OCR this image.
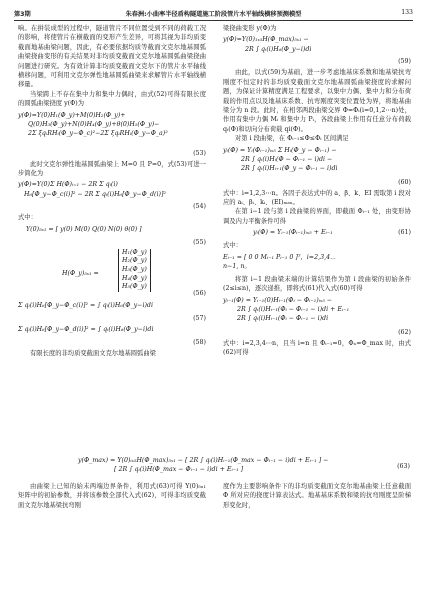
第3期	朱春洲:小曲率半径盾构隧道施工阶段管片水平轴线横移预测模型	133

响。在拼装成型的过程中，隧道管片不同位置受到不同的荷载工况的影响，将使管片在横截面的变形产生差异，可将其视为非均质变截面地基曲梁问题，因此，有必要依据均质等截面文克尔地基圆弧曲梁挠曲变形的有关结果对非均质变截面文克尔地基圆弧曲梁挠曲问题进行研究。为有效计算非均质变截面文克尔下的管片水平轴线横移问题，可利用文克尔弹性地基圆弧曲梁来求解管片水平轴线横移量。

当梁跨上不存在集中力和集中力偶时，由式(52)可得有限长度的圆弧曲梁挠度 y(Φ)为

y(Φ)=Y(0)H₁(Φ_y)+M(0)H₂(Φ_y)+
Q(0)H₃(Φ_y)+N(0)H₄(Φ_y)+θ(0)H₅(Φ_y)−
2Σ ξqᵢRHᵢ(Φ_y−Φ_c)²−2Σ ξqᵢRHᵢ(Φ_y−Φ_a)²
(53)

此时文克尔弹性地基圆弧曲梁上 M=0 且 P=0，式(53)可进一步简化为

y(Φ)=Y(0)Σ H(Φ)ᵢ₌₁ − 2R Σ qᵢ(i)
H₆[Φ_y−Φ_c(i)]² − 2R Σ qᵢ(i)H₆[Φ_y−Φ_d(i)]²
(54)

式中：

Y(0)₅ₓ₁ = [ y(0) M(0) Q(0) N(0) θ(0) ]
(55)
H(Φ_y)₅ₓ₁ =
H₁(Φ_y)
H₂(Φ_y)
H₃(Φ_y)
H₄(Φ_y)
H₅(Φ_y)
(56)
Σ qᵢ(i)H₆[Φ_y−Φ_c(i)]² = ∫ qᵢ(i)H₆(Φ_y−i)di
(57)
Σ qᵢ(i)H₆[Φ_y−Φ_d(i)]² = ∫ qᵢ(i)H₆(Φ_y−i)di
(58)

有限长度的非均质变截面文克尔地基圆弧曲梁

梁挠曲变形 y(Φ)为

y(Φ)=Y(0)₁ₓ₅H(Φ_max)₅ₓ₁ −
2R ∫ qᵢ(i)H₆(Φ_y−i)di
(59)

由此，以式(59)为基础，进一步考虑地基床系数和地基梁抗弯刚度不恒定时的非均质变截面文克尔地基圆弧曲梁挠度的求解问题，为保证计算精度满足工程要求，以集中力偶、集中力和分布荷载的作用点以及地基床系数、抗弯刚度突变位置处为界，将地基曲梁分为 n 段。此时，在相邻两段曲梁交界 Φ=Φᵢ(i=0,1,2⋯n)处，作用有集中力偶 Mᵢ 和集中力 Pᵢ，各段曲梁上作用有任意分布荷载 qᵢ(Φ)和切向分布荷载 qi(Φ)。

对第 i 段曲梁，在 Φᵢ₋₁≤Φ≤Φᵢ 区间满足

yᵢ(Φ) = Yᵢ(Φᵢ₋₁)ᵢₓ₅ Σ Hᵢ(Φ_y − Φᵢ₋₁) −
2R ∫ qᵢ(i)Hᵢ(Φ − Φᵢ₋₁ − i)di −
2R ∫ qᵢ(i)Hᵢ₊₁(Φ_y − Φᵢ₋₁ − i)di
(60)

式中：i=1,2,3⋯n。各因子表达式中的 a、β、k、EI 需取第 i 段对应的 aᵢ、βᵢ、kᵢ、(EI)ₘₐₓ。

在第 i−1 段与第 i 段曲梁的界面，即截面 Φᵢ₋₁ 处，由变形协调及内力平衡条件可得

yᵢ(Φ) = Yᵢ₋₁(Φᵢ₋₁)ᵢₓ₅ + Eᵢ₋₁	(61)

式中：

Eᵢ₋₁ = [ 0 0 Mᵢ₋₁ Pᵢ₋₁ 0 ]ᵀ，i=2,3,4⋯
n−1, n。

将第 i−1 段曲梁末端的计算结果作为第 i 段曲梁的初始条件(2≤i≤n)，逐次递推，即将式(61)代入式(60)可得

yᵢ₋₁(Φ) = Yᵢ₋₁(0)Hᵢ₋₁(Φᵢ − Φᵢ₋₁)ᵢₓ₅ −
2R ∫ qᵢ(i)Hᵢ₋₁(Φᵢ − Φᵢ₋₁ − i)di + Eᵢ₋₁
2R ∫ qᵢ(i)Hᵢ₋₁(Φᵢ − Φᵢ₋₁ − i)di
(62)

式中：i=2,3,4⋯n，且当 i=n 且 Φᵢ₋₁=0，Φₙ=Φ_max 时，由式(62)可得

y(Φ_max) = Y(0)ᵢₓ₅H(Φ_max)₅ₓ₁ − [ 2R ∫ qᵢ(i)Hᵢ₋₁(Φ_max − Φᵢ₋₁ − i)di + Eᵢ₋₁ ] −
[ 2R ∫ qᵢ(i)H(Φ_max − Φᵢ₋₁ − i)di + Eᵢ₋₁ ]	(63)

由曲梁上已知的始末两端边界条件，利用式(63)可得 Y(0)₅ₓ₁ 矩阵中的初始参数，并将该参数全部代入式(62)，可得非均质变截面文克尔地基梁抗弯刚

度作为主要影响条件下的非均质变截面文克尔地基曲梁上任意截面 Φ 所对应的挠度计算表达式。地基基床系数和梁的抗弯刚度呈阶梯形变化时，
